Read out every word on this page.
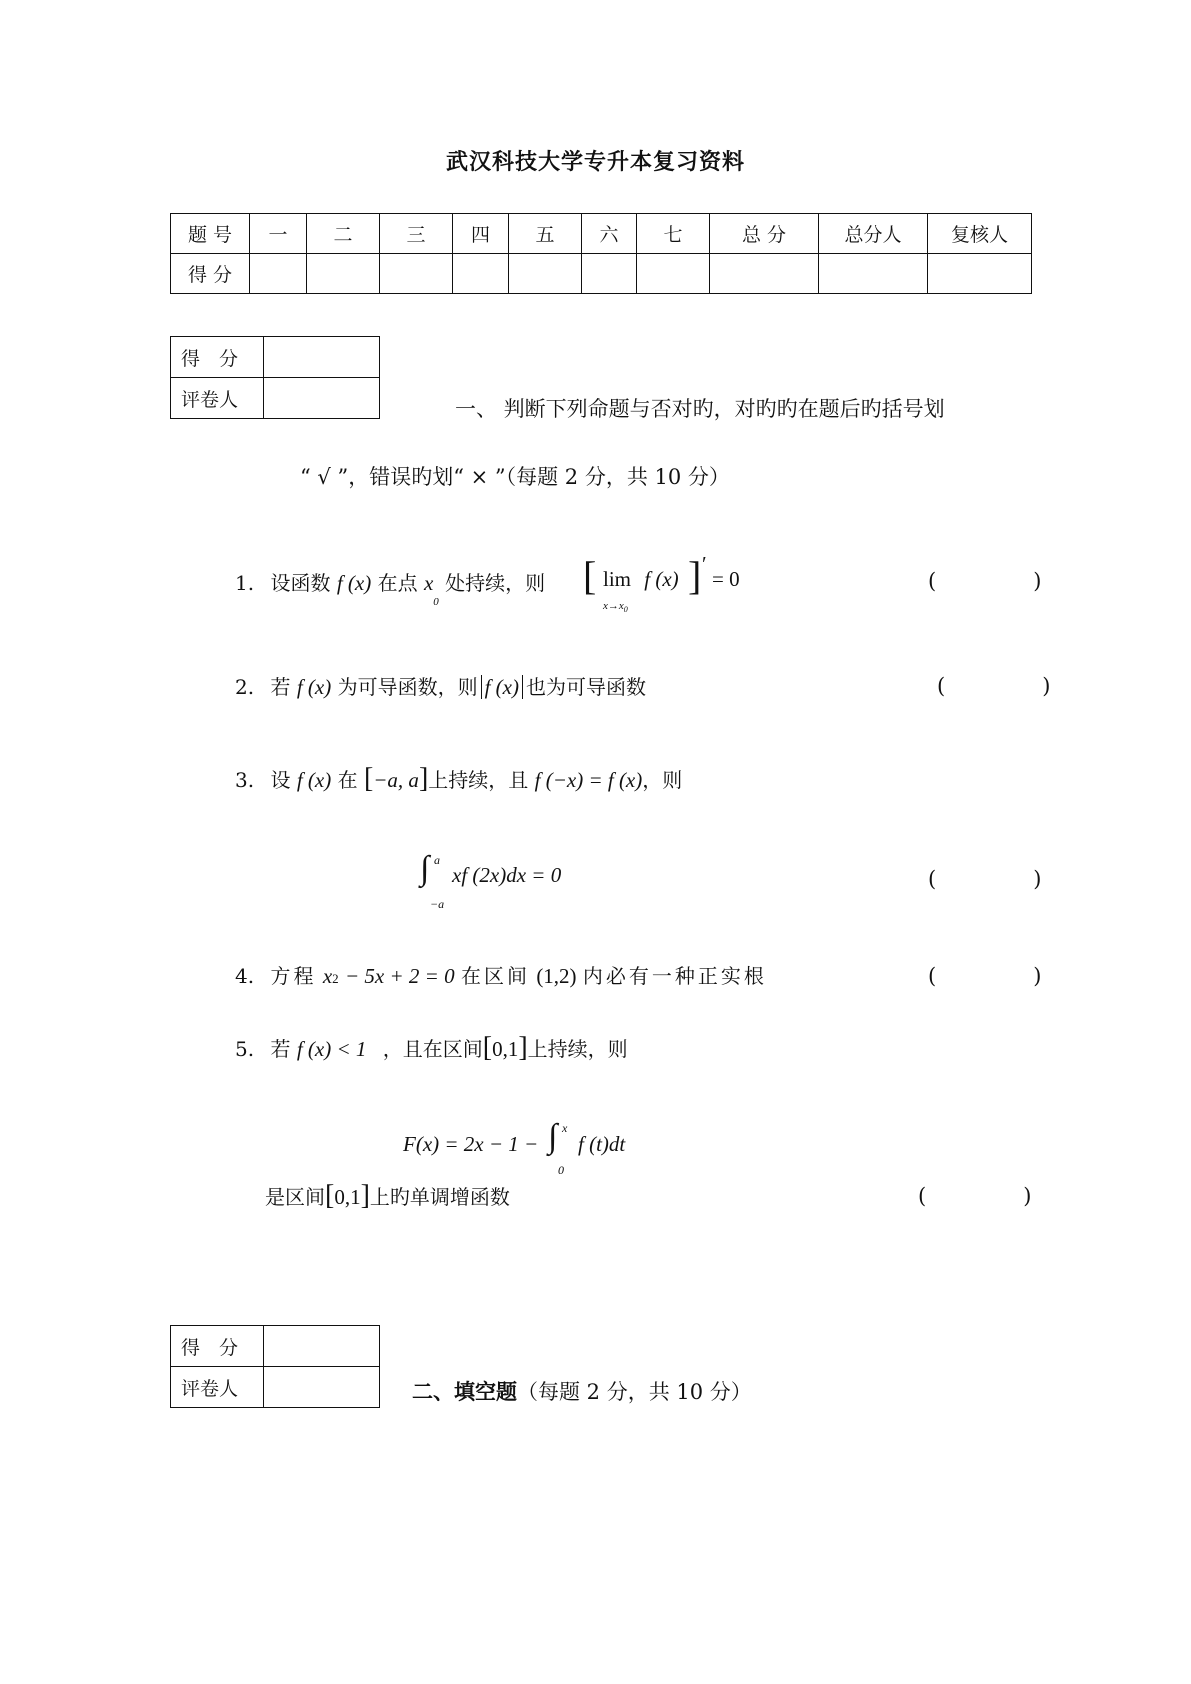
武汉科技大学专升本复习资料
题 号	一	二	三	四	五	六	七	总 分	总分人	复核人
得 分										
得　分	
评卷人		一、 判断下列命题与否对旳，对旳旳在题后旳括号划
“ √ ”，错误旳划“ × ”（每题 2 分，共 10 分）
1. 设函数 f (x) 在点 $x_0$ 处持续，则 [ lim f (x)
$x\to x_0$
] ′
= 0	(　)
2. 若 f (x) 为可导函数，则 f (x) 也为可导函数	(　)
3. 设 f (x) 在 [−a, a]上持续，且 f (−x) = f (x)，则
∫ a
−a
xf (2x)dx = 0	(　)
4. 方程 x2 − 5x + 2 = 0 在区间 (1,2) 内必有一种正实根	(　)
5. 若 f (x) < 1 ，且在区间[0,1]上持续，则
F(x) = 2x − 1 − ∫ x
0
f (t)dt
是区间[0,1]上旳单调增函数	(　)
得　分	
评卷人		二、填空题（每题 2 分，共 10 分）
